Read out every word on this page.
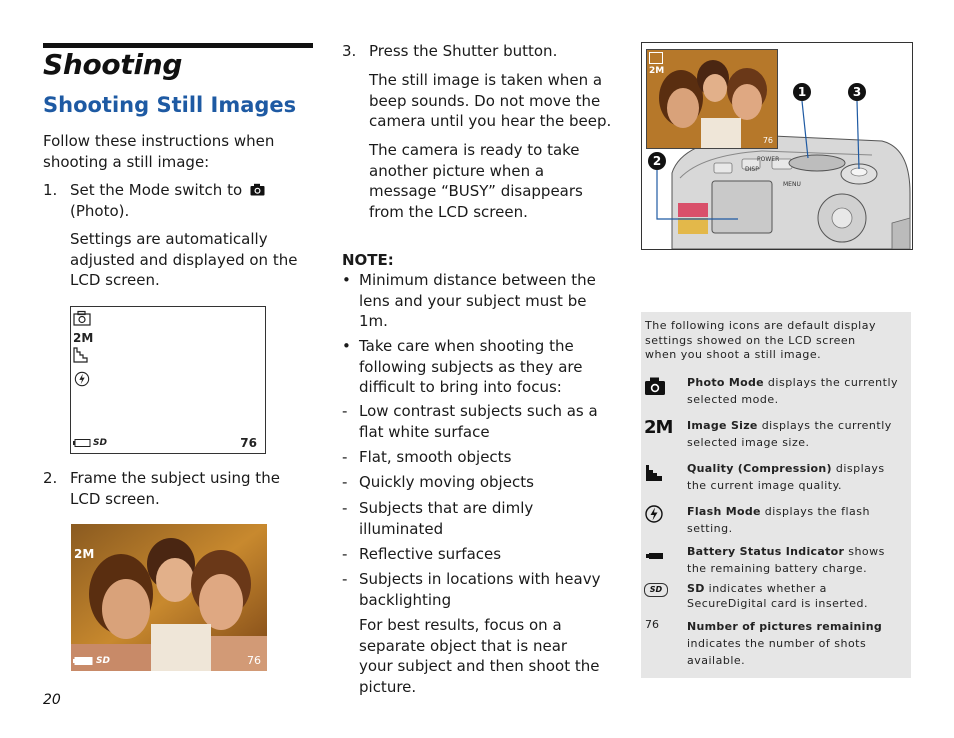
Shooting
Shooting Still Images
Follow these instructions when shooting a still image:
1. Set the Mode switch to
(Photo).
Settings are automatically adjusted and displayed on the LCD screen.
2M
SD	76
2. Frame the subject using the LCD screen.

2M

SD	76
3. Press the Shutter button.
The still image is taken when a beep sounds. Do not move the camera until you hear the beep.
The camera is ready to take another picture when a message “BUSY” disappears from the LCD screen.
NOTE:
• Minimum distance between the lens and your subject must be 1m.
• Take care when shooting the following subjects as they are difficult to bring into focus:
- Low contrast subjects such as a flat white surface
- Flat, smooth objects
- Quickly moving objects
- Subjects that are dimly illuminated
- Reflective surfaces
- Subjects in locations with heavy backlighting
For best results, focus on a separate object that is near your subject and then shoot the picture.
2M
76
POWER
DISP
MENU
1	3
2
The following icons are default display settings showed on the LCD screen when you shoot a still image.
Photo Mode displays the currently selected mode.
2M Image Size displays the currently selected image size.
Quality (Compression) displays the current image quality.
Flash Mode displays the flash setting.
Battery Status Indicator shows the remaining battery charge.
SD	SD indicates whether a SecureDigital card is inserted.
76	Number of pictures remaining
indicates the number of shots available.
20
